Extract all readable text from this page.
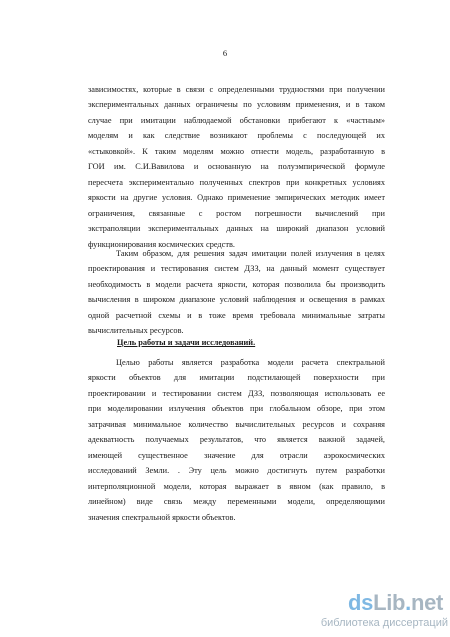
6
зависимостях, которые в связи с определенными трудностями при получении
экспериментальных данных ограничены по условиям применения, и в таком
случае при имитации наблюдаемой обстановки прибегают к «частным»
моделям и как следствие возникают проблемы с последующей их
«стыковкой». К таким моделям можно отнести модель, разработанную в
ГОИ им. С.И.Вавилова и основанную на полуэмпирической формуле
пересчета экспериментально полученных спектров при конкретных условиях
яркости на другие условия. Однако применение эмпирических методик имеет
ограничения, связанные с ростом погрешности вычислений при
экстраполяции экспериментальных данных на широкий диапазон условий
функционирования космических средств.
Таким образом, для решения задач имитации полей излучения в целях
проектирования и тестирования систем ДЗЗ, на данный момент существует
необходимость в модели расчета яркости, которая позволила бы производить
вычисления в широком диапазоне условий наблюдения и освещения в рамках
одной расчетной схемы и в тоже время требовала минимальные затраты
вычислительных ресурсов.
Цель работы и задачи исследований.
Целью работы является разработка модели расчета спектральной
яркости объектов для имитации подстилающей поверхности при
проектировании и тестировании систем ДЗЗ, позволяющая использовать ее
при моделировании излучения объектов при глобальном обзоре, при этом
затрачивая минимальное количество вычислительных ресурсов и сохраняя
адекватность получаемых результатов, что является важной задачей,
имеющей существенное значение для отрасли аэрокосмических
исследований Земли. . Эту цель можно достигнуть путем разработки
интерполяционной модели, которая выражает в явном (как правило, в
линейном) виде связь между переменными модели, определяющими
значения спектральной яркости объектов.
dsLib.net
библиотека диссертаций
